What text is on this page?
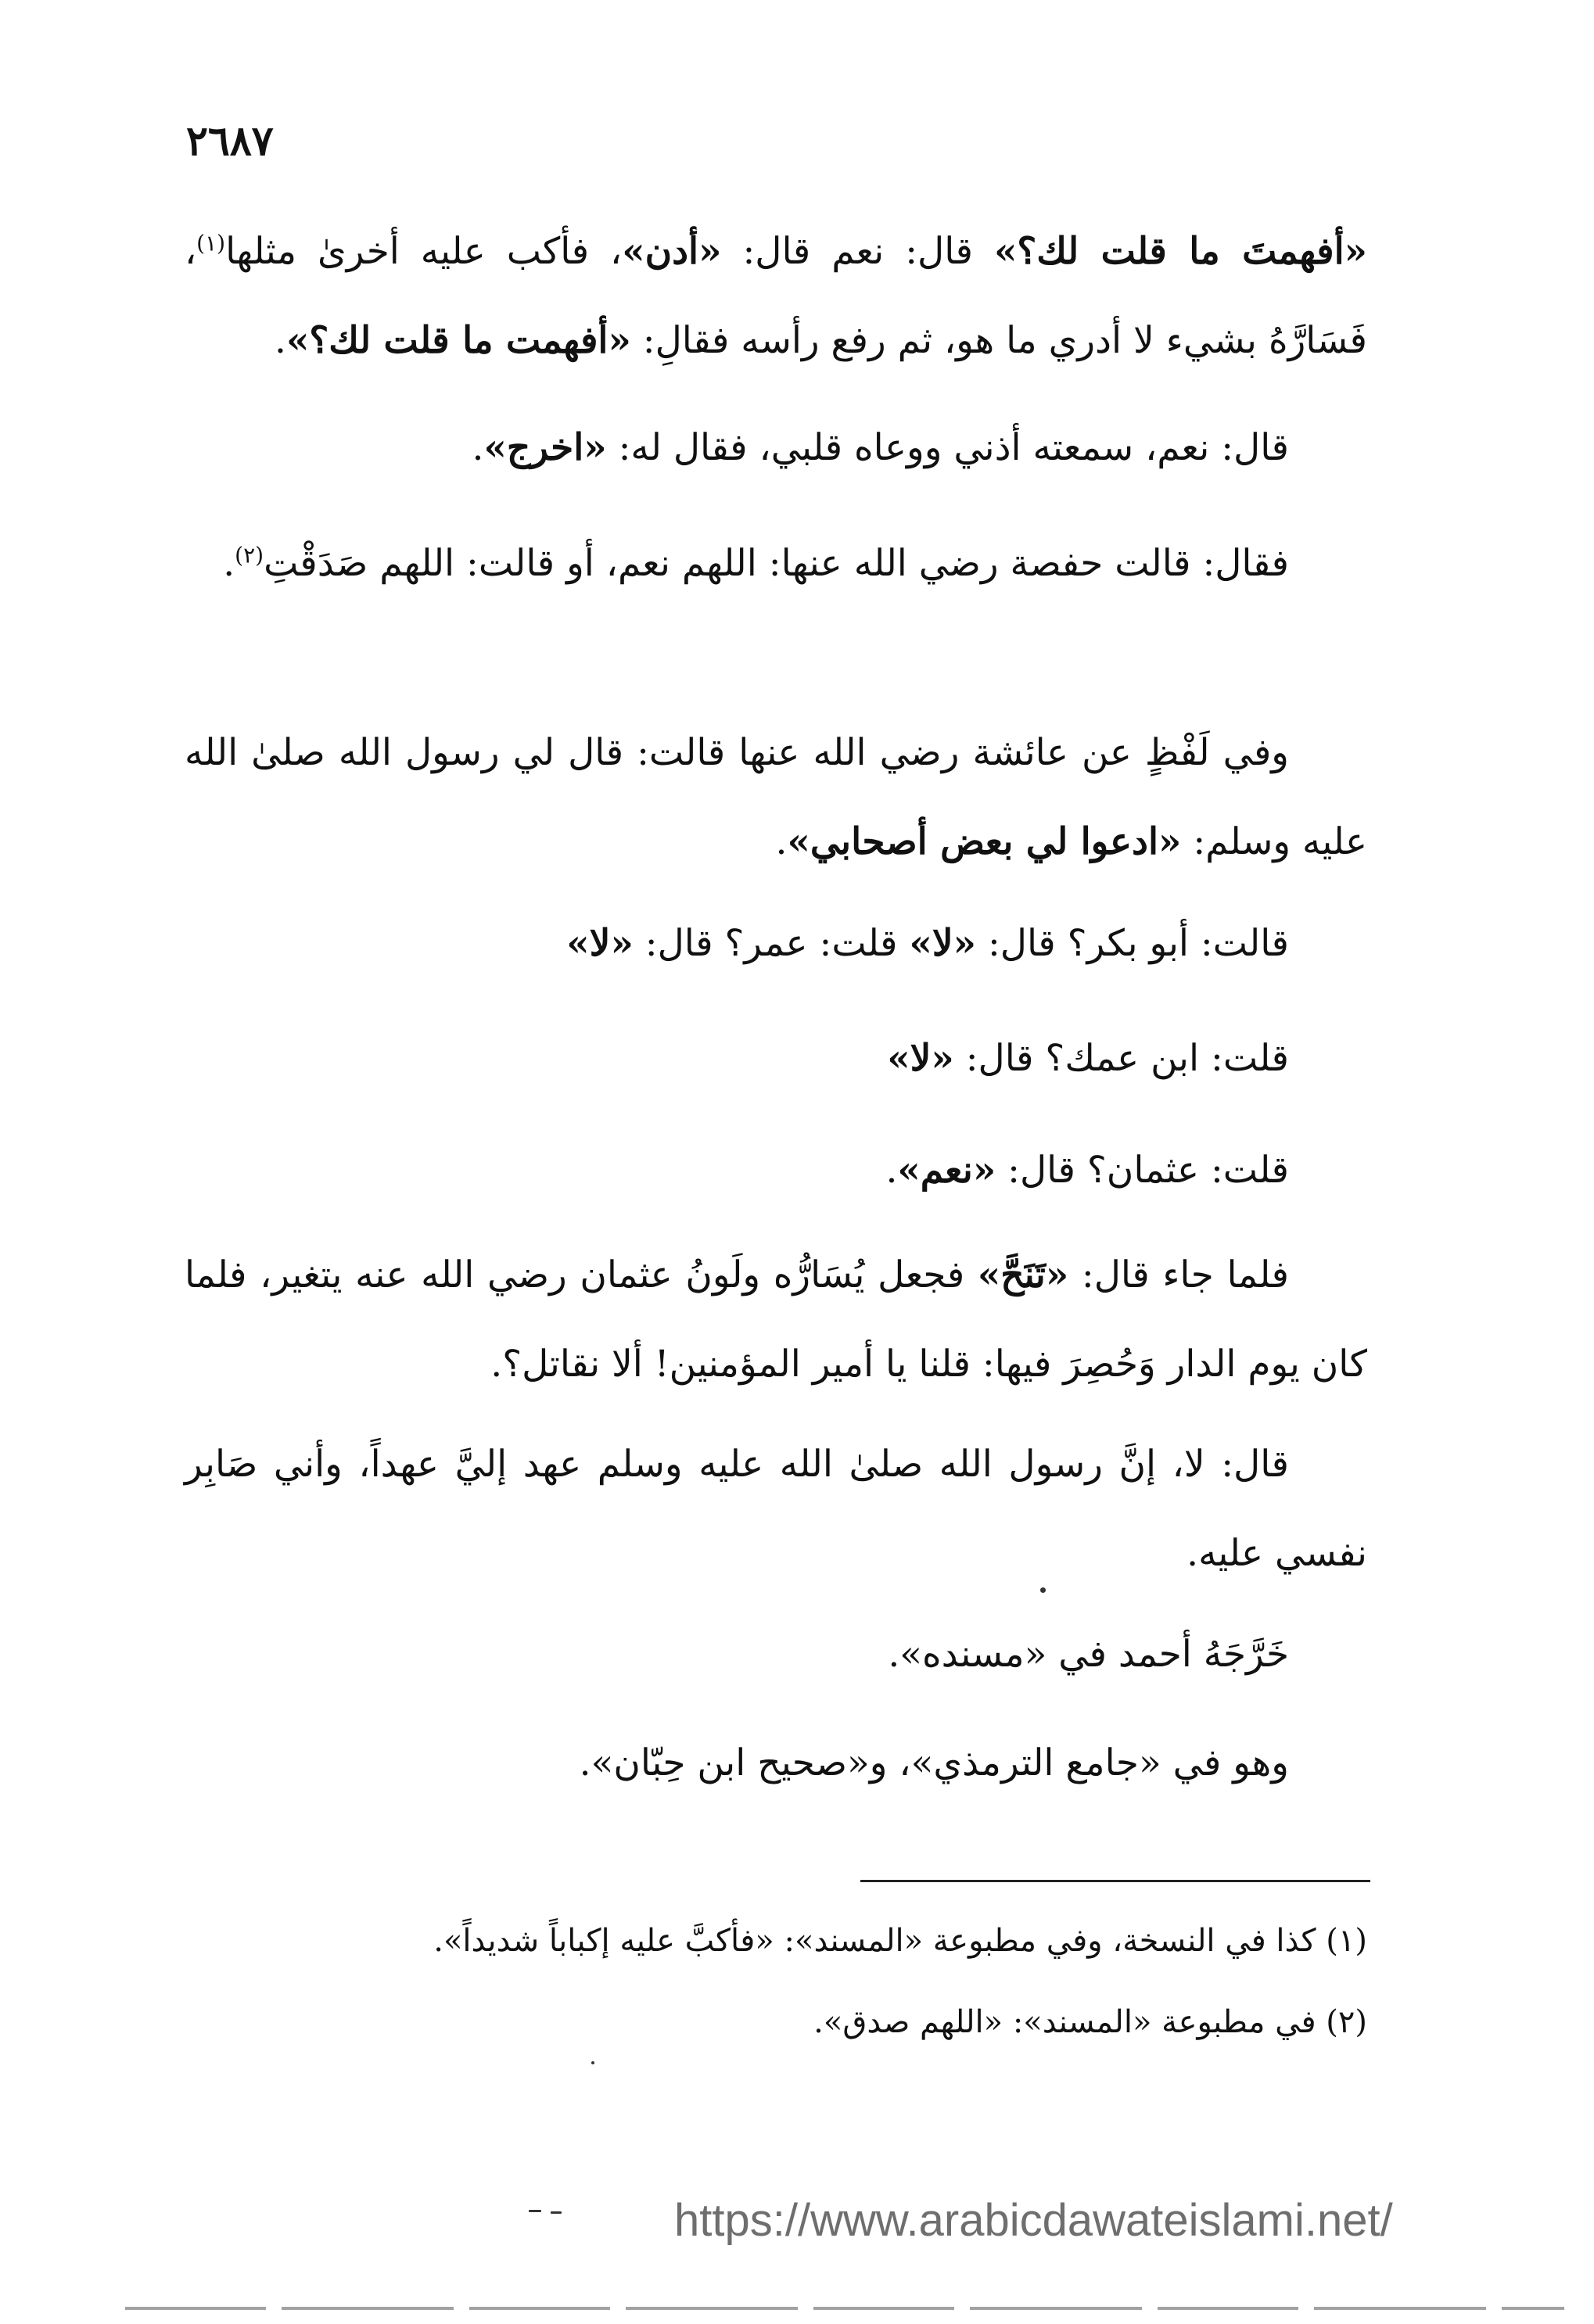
٢٦٨٧

«أفهمتَ ما قلت لك؟» قال: نعم قال: «أدن»، فأكب عليه أخرىٰ مثلها$^{(١)}$، فَسَارَّهُ بشيء لا أدري ما هو، ثم رفع رأسه فقالِ: «أفهمت ما قلت لك؟».

قال: نعم، سمعته أذني ووعاه قلبي، فقال له: «اخرج».

فقال: قالت حفصة رضي الله عنها: اللهم نعم، أو قالت: اللهم صَدَقْتِ$^{(٢)}$.

وفي لَفْظٍ عن عائشة رضي الله عنها قالت: قال لي رسول الله صلىٰ الله عليه وسلم: «ادعوا لي بعض أصحابي».

قالت: أبو بكر؟ قال: «لا» قلت: عمر؟ قال: «لا»

قلت: ابن عمك؟ قال: «لا»

قلت: عثمان؟ قال: «نعم».

فلما جاء قال: «تَنَحَّ» فجعل يُسَارُّه ولَونُ عثمان رضي الله عنه يتغير، فلما كان يوم الدار وَحُصِرَ فيها: قلنا يا أمير المؤمنين! ألا نقاتل؟.

قال: لا، إنَّ رسول الله صلىٰ الله عليه وسلم عهد إليَّ عهداً، وأني صَابِر نفسي عليه.

خَرَّجَهُ أحمد في «مسنده».

وهو في «جامع الترمذي»، و«صحيح ابن حِبّان».

(١) كذا في النسخة، وفي مطبوعة «المسند»: «فأكبَّ عليه إكباباً شديداً».
(٢) في مطبوعة «المسند»: «اللهم صدق».
https://www.arabicdawateislami.net/
